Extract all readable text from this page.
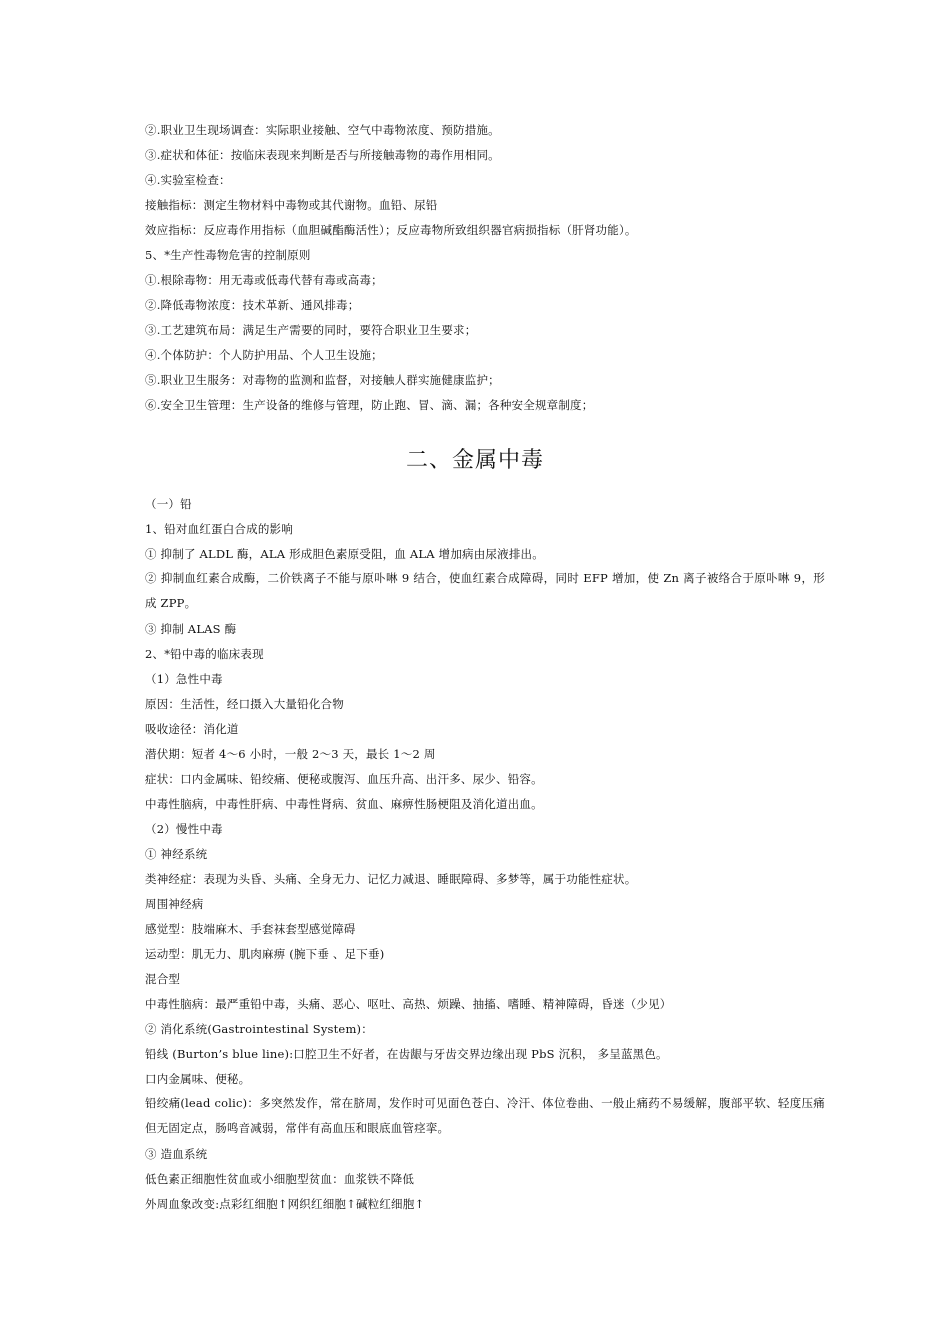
②.职业卫生现场调查：实际职业接触、空气中毒物浓度、预防措施。
③.症状和体征：按临床表现来判断是否与所接触毒物的毒作用相同。
④.实验室检查：
接触指标：测定生物材料中毒物或其代谢物。血铅、尿铅
效应指标：反应毒作用指标（血胆碱酯酶活性）；反应毒物所致组织器官病损指标（肝肾功能）。
5、*生产性毒物危害的控制原则
①.根除毒物：用无毒或低毒代替有毒或高毒；
②.降低毒物浓度：技术革新、通风排毒；
③.工艺建筑布局：满足生产需要的同时，要符合职业卫生要求；
④.个体防护：个人防护用品、个人卫生设施；
⑤.职业卫生服务：对毒物的监测和监督，对接触人群实施健康监护；
⑥.安全卫生管理：生产设备的维修与管理，防止跑、冒、滴、漏；各种安全规章制度；
二、金属中毒
（一）铅
1、铅对血红蛋白合成的影响
① 抑制了 ALDL 酶，ALA 形成胆色素原受阻，血 ALA 增加病由尿液排出。
② 抑制血红素合成酶，二价铁离子不能与原卟啉 9 结合，使血红素合成障碍，同时 EFP 增加，使 Zn 离子被络合于原卟啉 9，形成 ZPP。
③ 抑制 ALAS 酶
2、*铅中毒的临床表现
（1）急性中毒
原因：生活性，经口摄入大量铅化合物
吸收途径：消化道
潜伏期：短者 4～6 小时，一般 2～3 天，最长 1～2 周
症状：口内金属味、铅绞痛、便秘或腹泻、血压升高、出汗多、尿少、铅容。
中毒性脑病，中毒性肝病、中毒性肾病、贫血、麻痹性肠梗阻及消化道出血。
（2）慢性中毒
① 神经系统
类神经症：表现为头昏、头痛、全身无力、记忆力减退、睡眠障碍、多梦等，属于功能性症状。
周围神经病
感觉型：肢端麻木、手套袜套型感觉障碍
运动型：肌无力、肌肉麻痹 (腕下垂 、足下垂)
混合型
中毒性脑病：最严重铅中毒，头痛、恶心、呕吐、高热、烦躁、抽搐、嗜睡、精神障碍，昏迷（少见）
② 消化系统(Gastrointestinal System)：
铅线 (Burton’s blue line):口腔卫生不好者，在齿龈与牙齿交界边缘出现 PbS 沉积， 多呈蓝黑色。
口内金属味、便秘。
铅绞痛(lead colic)：多突然发作，常在脐周，发作时可见面色苍白、冷汗、体位卷曲、一般止痛药不易缓解，腹部平软、轻度压痛但无固定点，肠鸣音减弱，常伴有高血压和眼底血管痉挛。
③ 造血系统
低色素正细胞性贫血或小细胞型贫血：血浆铁不降低
外周血象改变:点彩红细胞↑网织红细胞↑碱粒红细胞↑
